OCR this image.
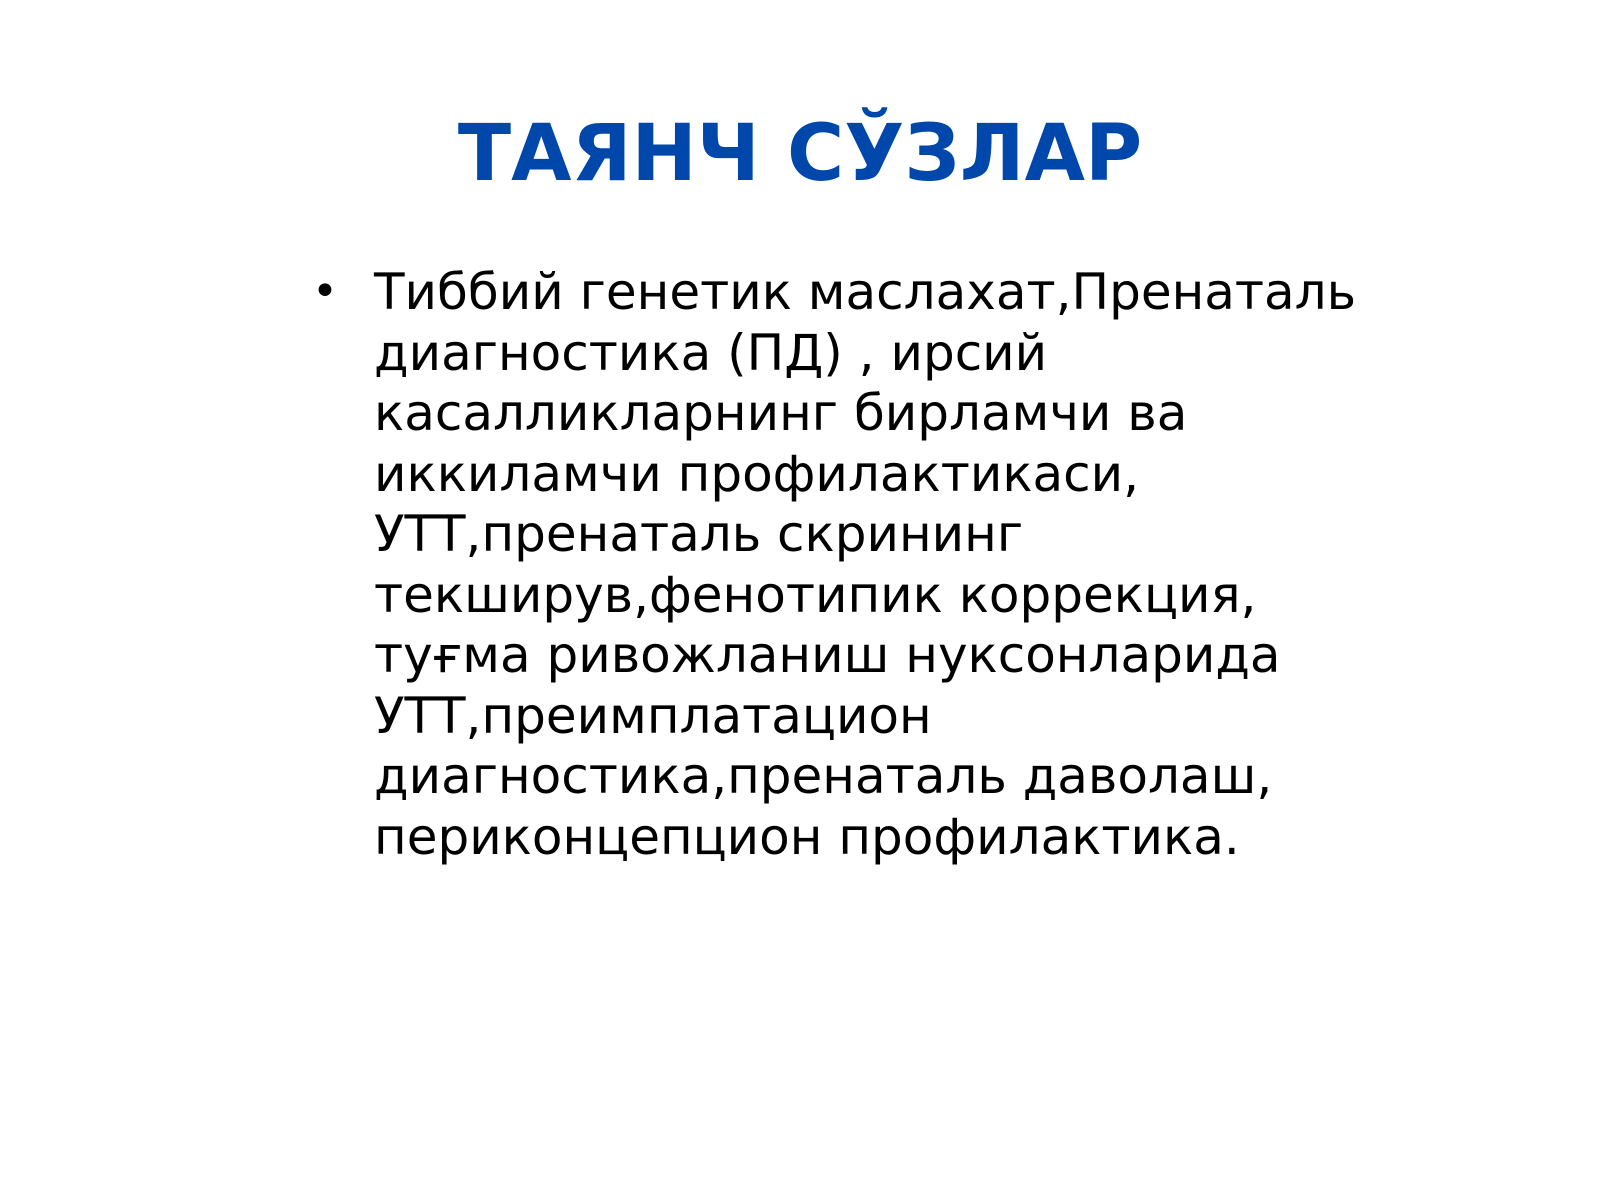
ТАЯНЧ СЎЗЛАР
• Тиббий генетик маслахат,Пренаталь
диагностика (ПД) , ирсий
касалликларнинг бирламчи ва
иккиламчи профилактикаси,
УТТ,пренаталь скрининг
текширув,фенотипик коррекция,
туғма ривожланиш нуксонларида
УТТ,преимплатацион
диагностика,пренаталь даволаш,
периконцепцион профилактика.
